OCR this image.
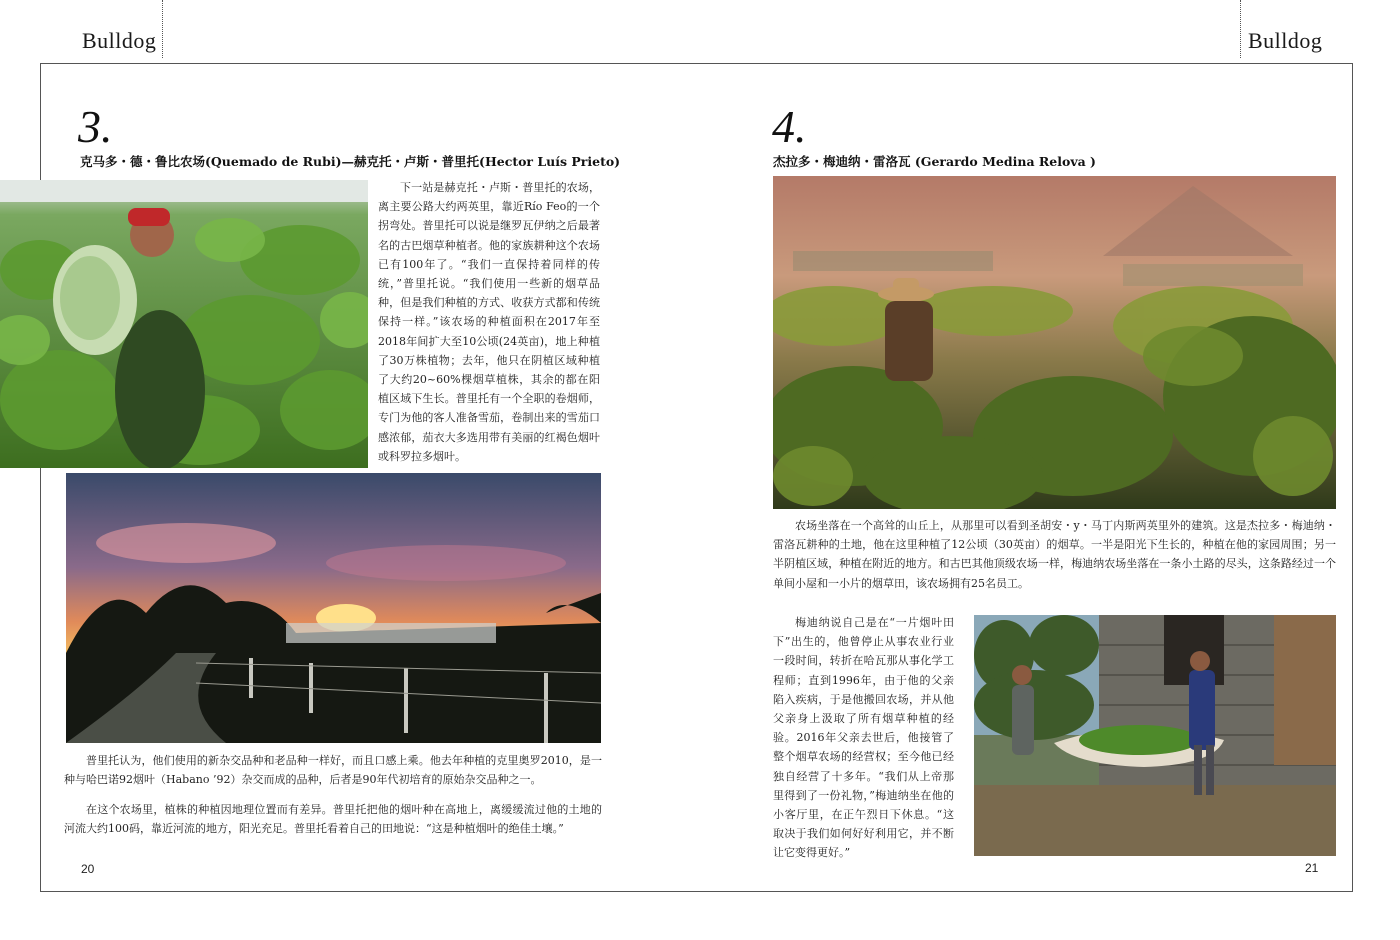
Bulldog	Bulldog
3.
克马多・德・鲁比农场(Quemado de Rubi)—赫克托・卢斯・普里托(Hector Luís Prieto)

下一站是赫克托・卢斯・普里托的农场，离主要公路大约两英里，靠近Río Feo的一个拐弯处。普里托可以说是继罗瓦伊纳之后最著名的古巴烟草种植者。他的家族耕种这个农场已有100年了。“我们一直保持着同样的传统，”普里托说。“我们使用一些新的烟草品种，但是我们种植的方式、收获方式都和传统保持一样。”该农场的种植面积在2017年至2018年间扩大至10公顷(24英亩)，地上种植了30万株植物；去年，他只在阴植区域种植了大约20~60%棵烟草植株，其余的都在阳植区域下生长。普里托有一个全职的卷烟师，专门为他的客人准备雪茄，卷制出来的雪茄口感浓郁，茄衣大多选用带有美丽的红褐色烟叶或科罗拉多烟叶。

普里托认为，他们使用的新杂交品种和老品种一样好，而且口感上乘。他去年种植的克里奥罗2010，是一种与哈巴诺92烟叶（Habano ’92）杂交而成的品种，后者是90年代初培育的原始杂交品种之一。

在这个农场里，植株的种植因地理位置而有差异。普里托把他的烟叶种在高地上，离缓缓流过他的土地的河流大约100码，靠近河流的地方，阳光充足。普里托看着自己的田地说：“这是种植烟叶的绝佳土壤。”

20
4.
杰拉多・梅迪纳・雷洛瓦 (Gerardo Medina Relova )

农场坐落在一个高耸的山丘上，从那里可以看到圣胡安・y・马丁内斯两英里外的建筑。这是杰拉多・梅迪纳・雷洛瓦耕种的土地，他在这里种植了12公顷（30英亩）的烟草。一半是阳光下生长的，种植在他的家园周围；另一半阴植区域，种植在附近的地方。和古巴其他顶级农场一样，梅迪纳农场坐落在一条小土路的尽头，这条路经过一个单间小屋和一小片的烟草田，该农场拥有25名员工。

梅迪纳说自己是在“一片烟叶田下”出生的，他曾停止从事农业行业一段时间，转折在哈瓦那从事化学工程师；直到1996年，由于他的父亲陷入疾病，于是他搬回农场，并从他父亲身上汲取了所有烟草种植的经验。2016年父亲去世后，他接管了整个烟草农场的经营权；至今他已经独自经营了十多年。“我们从上帝那里得到了一份礼物，”梅迪纳坐在他的小客厅里，在正午烈日下休息。“这取决于我们如何好好利用它，并不断让它变得更好。”

21
